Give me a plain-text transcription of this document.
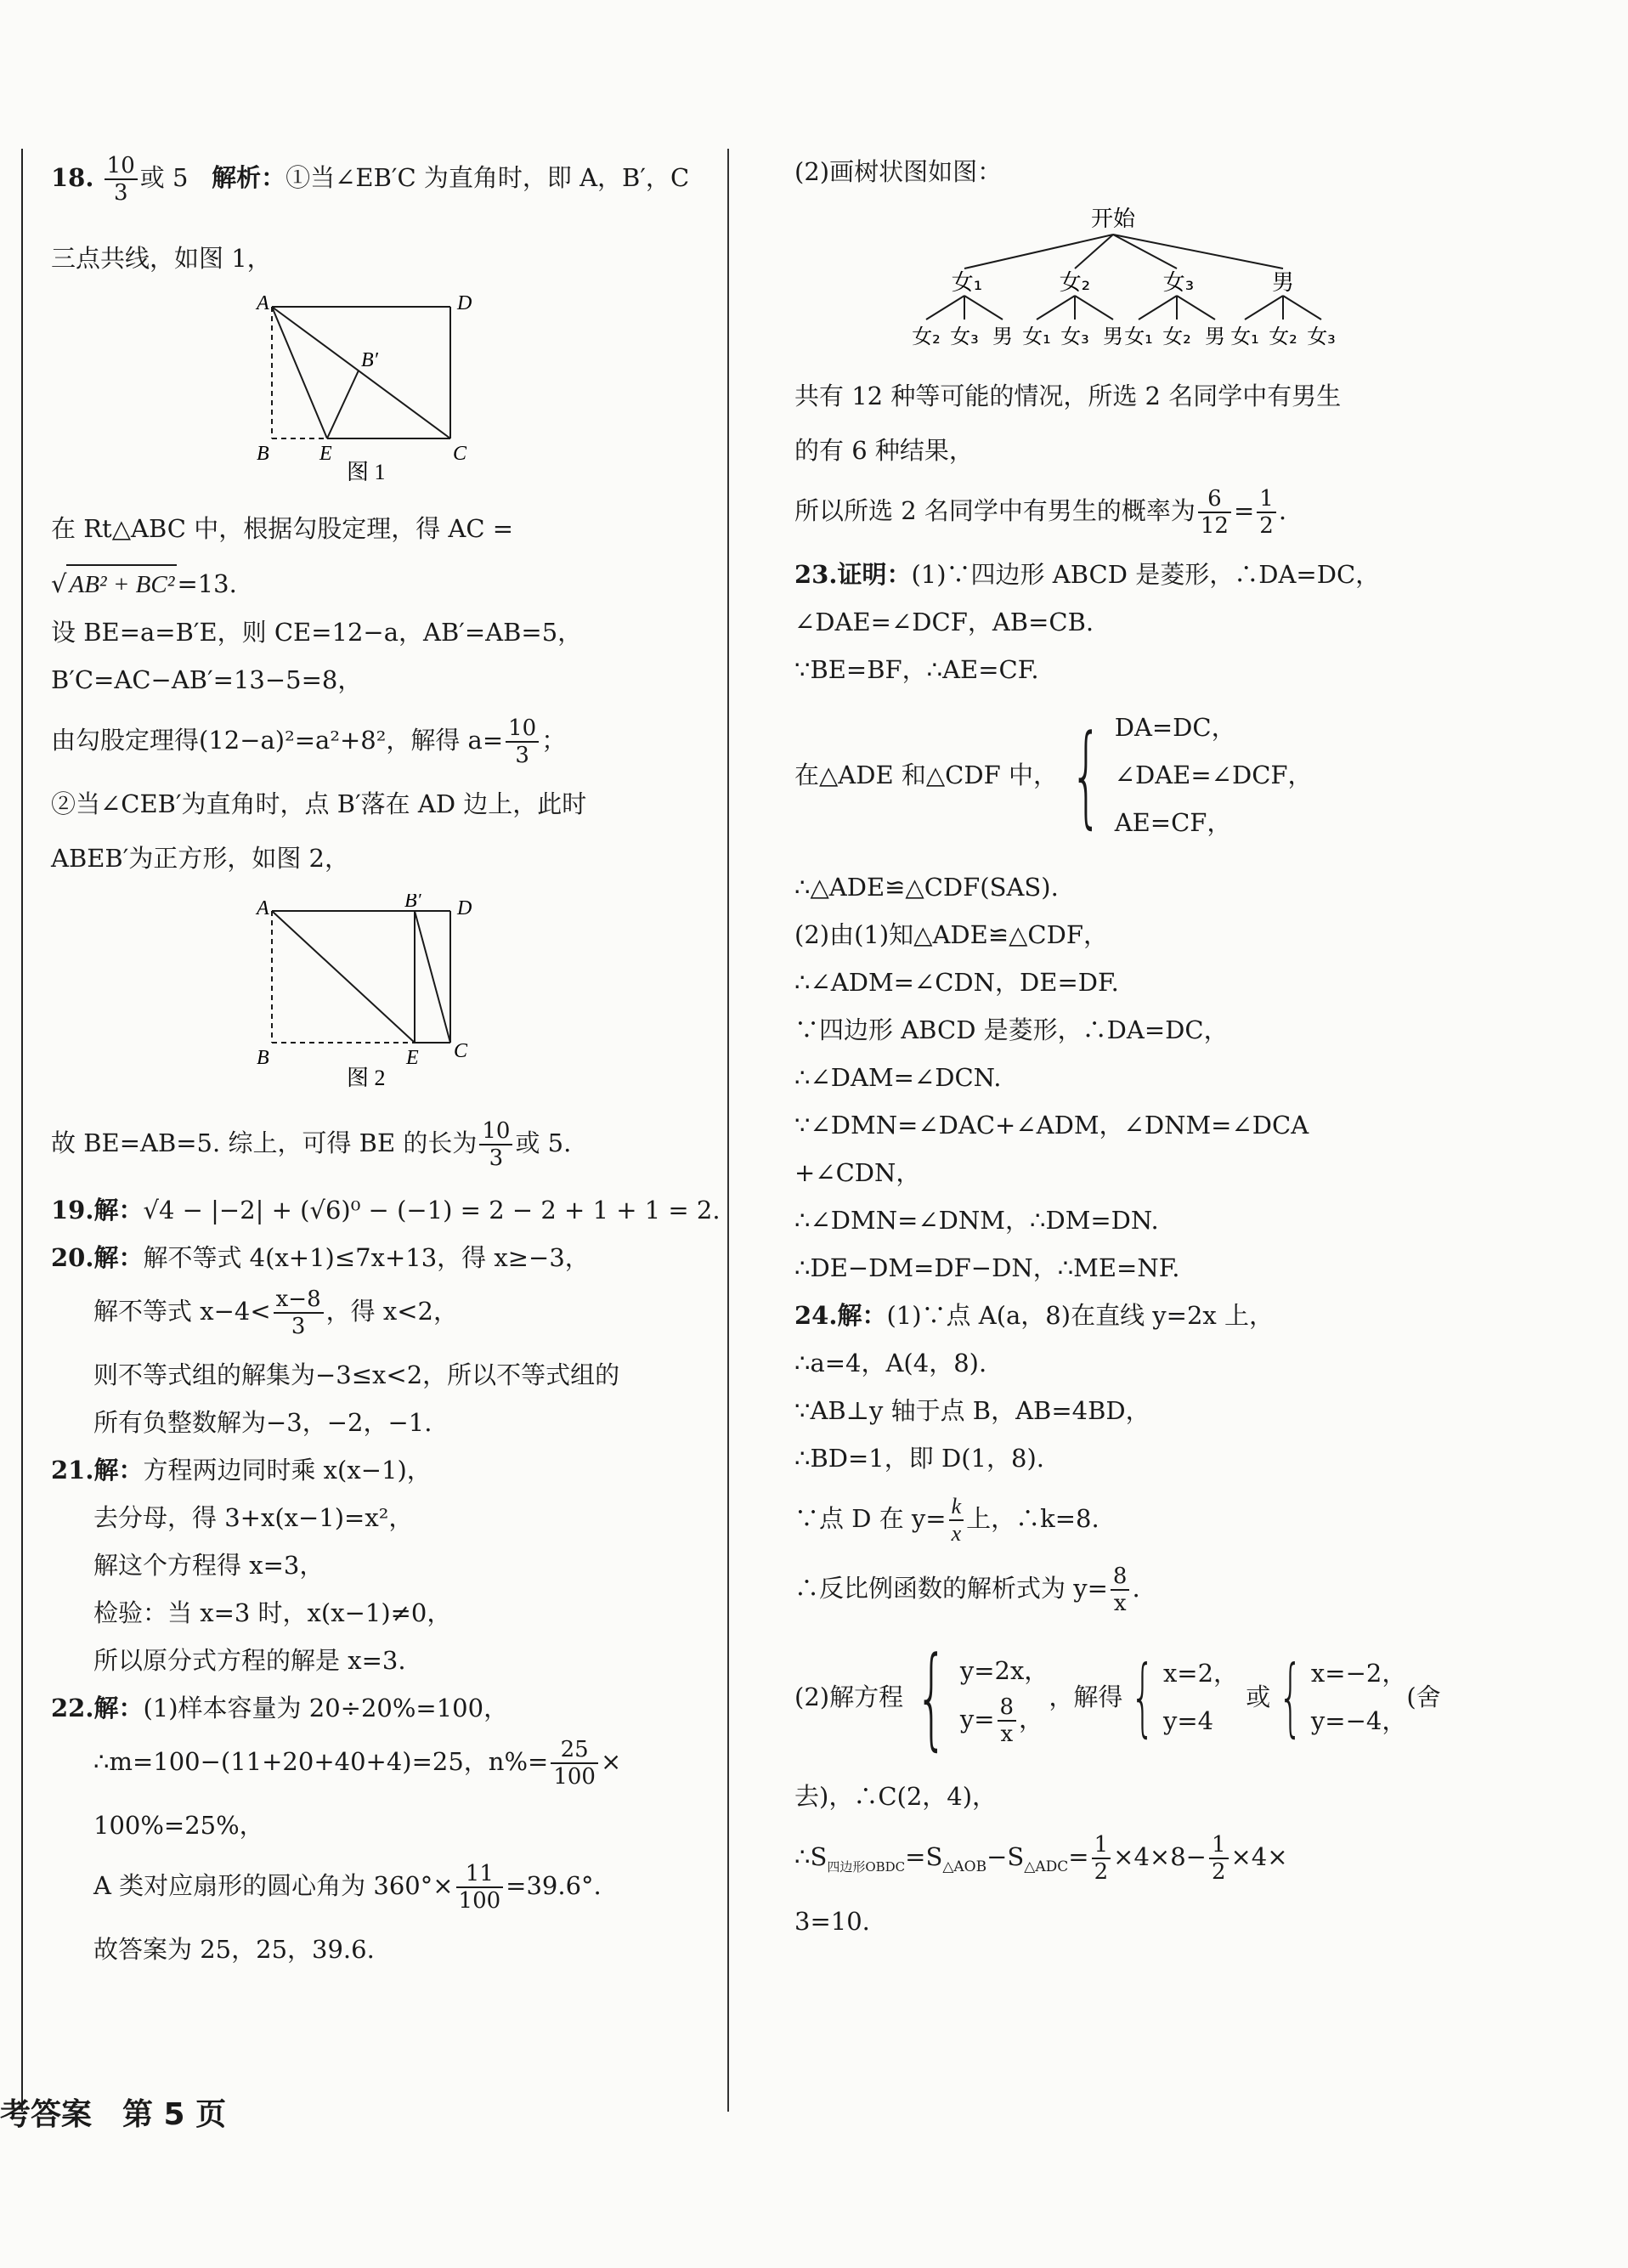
18. $\frac{10}{3}$ 或 5 解析：①当∠EB′C 为直角时，即 A，B′，C
三点共线，如图 1，
A	D
B E	C
B′
图 1
在 Rt△ABC 中，根据勾股定理，得 AC =
√ AB² + BC² =13.
设 BE=a=B′E，则 CE=12−a，AB′=AB=5，
B′C=AC−AB′=13−5=8，
由勾股定理得(12−a)²=a²+8²，解得 $a= \frac{10}{3}$ ；
②当∠CEB′为直角时，点 B′落在 AD 边上，此时
ABEB′为正方形，如图 2，
A	B′ D
B	E C
图 2
故 BE=AB=5. 综上，可得 BE 的长为 $\frac{10}{3}$ 或 5.
19.解：√4 − |−2| + (√6)⁰ − (−1) = 2 − 2 + 1 + 1 = 2.
20.解：解不等式 4(x+1)≤7x+13，得 x≥−3，
解不等式 $x-4< \frac{x-8}{3}$ ，得 x<2，
则不等式组的解集为−3≤x<2，所以不等式组的
所有负整数解为−3，−2，−1.
21.解：方程两边同时乘 x(x−1)，
去分母，得 3+x(x−1)=x²，
解这个方程得 x=3，
检验：当 x=3 时，x(x−1)≠0，
所以原分式方程的解是 x=3.
22.解：(1)样本容量为 20÷20%=100，
∴m=100−(11+20+40+4)=25，$n\%= \frac{25}{100}$ ×
100%=25%，
A 类对应扇形的圆心角为 $360^\circ\times \frac{11}{100} =39.6^\circ$.
故答案为 25，25，39.6.
(2)画树状图如图：
开始
女₁	女₂	女₃	男
女₂ 女₃ 男 女₁ 女₃ 男 女₁ 女₂ 男 女₁ 女₂ 女₃
共有 12 种等可能的情况，所选 2 名同学中有男生
的有 6 种结果，
所以所选 2 名同学中有男生的概率为 $\frac{6}{12} = \frac{1}{2}$ .
23.证明：(1)∵四边形 ABCD 是菱形，∴DA=DC，
∠DAE=∠DCF，AB=CB.
∵BE=BF，∴AE=CF.
在△ADE 和△CDF 中， { DA=DC，
∠DAE=∠DCF，
AE=CF，
∴△ADE≌△CDF(SAS).
(2)由(1)知△ADE≌△CDF，
∴∠ADM=∠CDN，DE=DF.
∵四边形 ABCD 是菱形，∴DA=DC，
∴∠DAM=∠DCN.
∵∠DMN=∠DAC+∠ADM，∠DNM=∠DCA
+∠CDN，
∴∠DMN=∠DNM，∴DM=DN.
∴DE−DM=DF−DN，∴ME=NF.
24.解：(1)∵点 A(a，8)在直线 y=2x 上，
∴a=4，A(4，8).
∵AB⊥y 轴于点 B，AB=4BD，
∴BD=1，即 D(1，8).
∵点 D 在 $y= \frac{k}{x}$ 上，∴k=8.
∴反比例函数的解析式为 $y= \frac{8}{x}$ .
(2)解方程 { y=2x，
$y= \frac{8}{x}$ ，
，解得 { x=2，
y=4

或 { x=−2，
y=−4，
(舍
去)，∴C(2，4)，
$\therefore S_{四边形OBDC}=S_{\triangle AOB}-S_{\triangle ADC}= \frac{1}{2} \times 4\times 8- \frac{1}{2} \times 4\times$
3=10.
考答案　第 5 页
